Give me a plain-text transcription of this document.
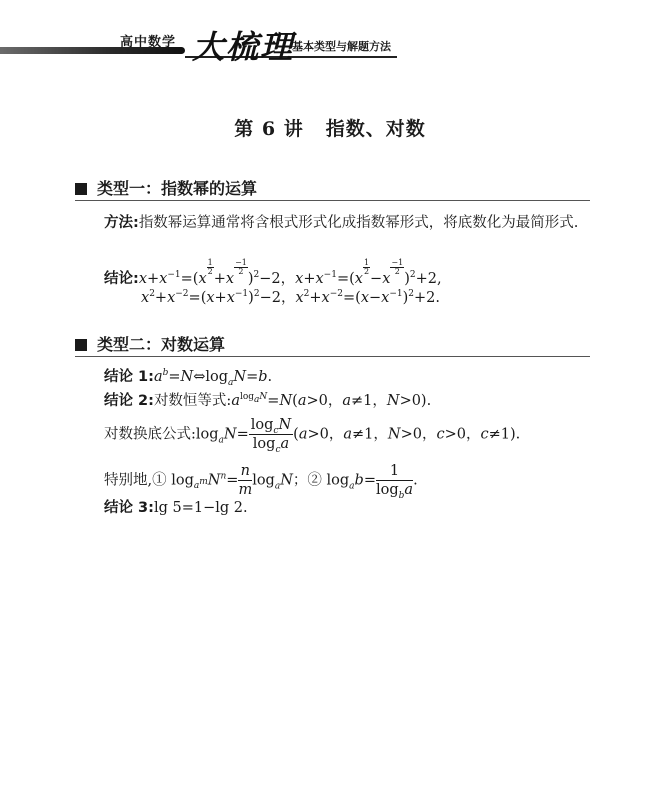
高中数学 大梳理
基本类型与解题方法
第 6 讲 指数、对数
类型一：指数幂的运算
方法:指数幂运算通常将含根式形式化成指数幂形式，将底数化为最简形式.
结论$:x+x^{-1}=(x$
$\frac{1}{2}$
+x
$\frac{-1}{2}$
)$^2$−2，$x+x^{-1}=(x$
$\frac{1}{2}$
−x
$\frac{-1}{2}$
)$^2$+2,
$x^2+x^{-2}=(x+x^{-1})^2-2$，$x^2+x^{-2}=(x-x^{-1})^2+2$.
类型二：对数运算
结论 $1:a^b=N\Leftrightarrow\log_aN=b$.
结论 2:对数恒等式$:a^{log_aN}=N(a>0$，a≠1，N>0).
对数换底公式$:\log_aN= \frac{\log_cN}{\log_ca} (a>0$，a≠1，N>0，c>0，c≠1).
特别地,① $\log_{a^m}N^n= \frac{n}{m} \log_aN$；② $\log_ab= \frac{1}{\log_ba}$ .
结论 3:lg 5=1−lg 2.
